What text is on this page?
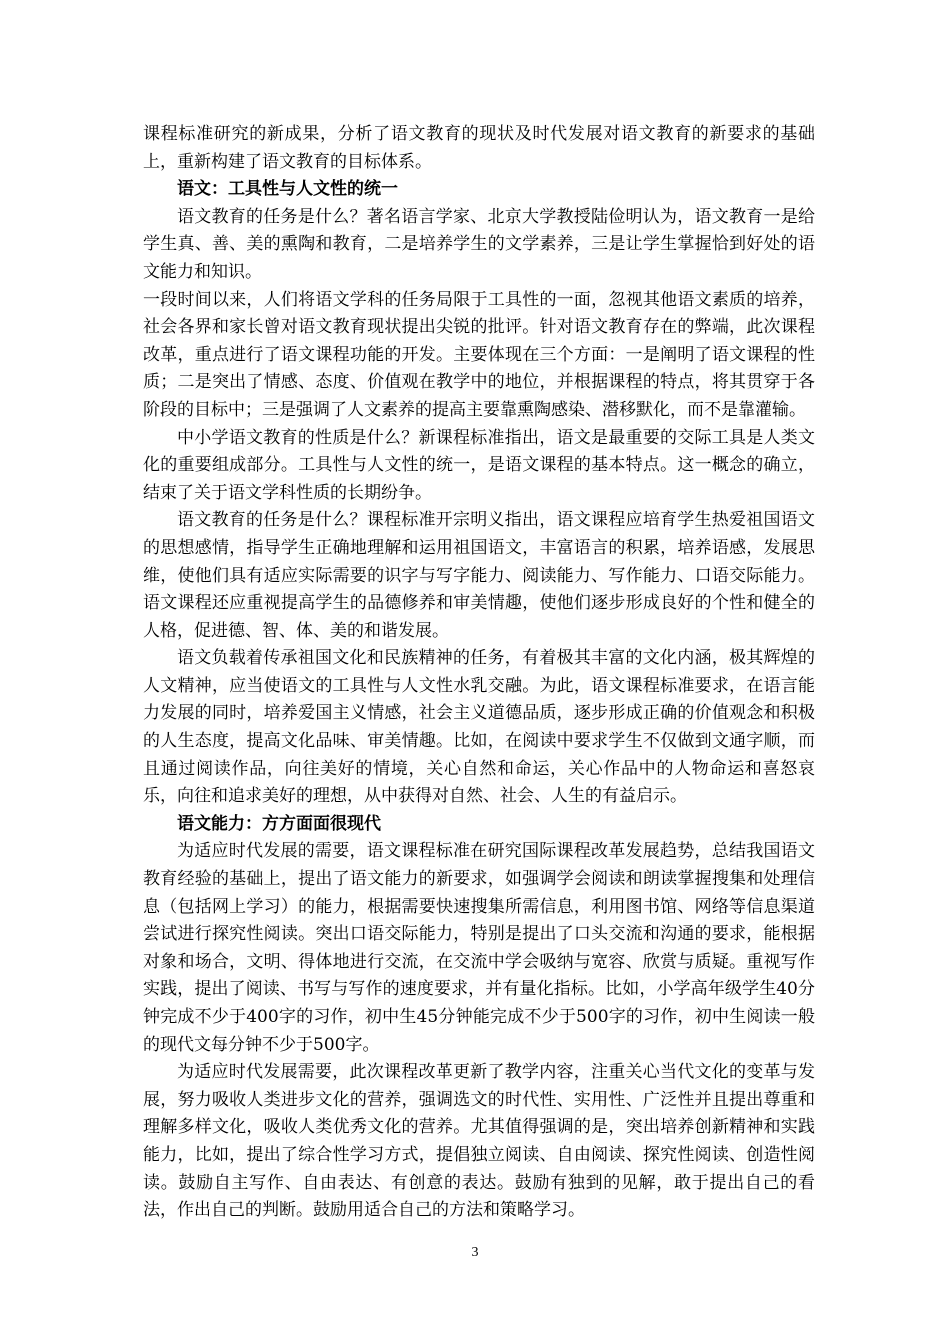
课程标准研究的新成果，分析了语文教育的现状及时代发展对语文教育的新要求的基础上，重新构建了语文教育的目标体系。

语文：工具性与人文性的统一

语文教育的任务是什么？著名语言学家、北京大学教授陆俭明认为，语文教育一是给学生真、善、美的熏陶和教育，二是培养学生的文学素养，三是让学生掌握恰到好处的语文能力和知识。

一段时间以来，人们将语文学科的任务局限于工具性的一面，忽视其他语文素质的培养，社会各界和家长曾对语文教育现状提出尖锐的批评。针对语文教育存在的弊端，此次课程改革，重点进行了语文课程功能的开发。主要体现在三个方面：一是阐明了语文课程的性质；二是突出了情感、态度、价值观在教学中的地位，并根据课程的特点，将其贯穿于各阶段的目标中；三是强调了人文素养的提高主要靠熏陶感染、潜移默化，而不是靠灌输。

中小学语文教育的性质是什么？新课程标准指出，语文是最重要的交际工具是人类文化的重要组成部分。工具性与人文性的统一，是语文课程的基本特点。这一概念的确立，结束了关于语文学科性质的长期纷争。

语文教育的任务是什么？课程标准开宗明义指出，语文课程应培育学生热爱祖国语文的思想感情，指导学生正确地理解和运用祖国语文，丰富语言的积累，培养语感，发展思维，使他们具有适应实际需要的识字与写字能力、阅读能力、写作能力、口语交际能力。语文课程还应重视提高学生的品德修养和审美情趣，使他们逐步形成良好的个性和健全的人格，促进德、智、体、美的和谐发展。

语文负载着传承祖国文化和民族精神的任务，有着极其丰富的文化内涵，极其辉煌的人文精神，应当使语文的工具性与人文性水乳交融。为此，语文课程标准要求，在语言能力发展的同时，培养爱国主义情感，社会主义道德品质，逐步形成正确的价值观念和积极的人生态度，提高文化品味、审美情趣。比如，在阅读中要求学生不仅做到文通字顺，而且通过阅读作品，向往美好的情境，关心自然和命运，关心作品中的人物命运和喜怒哀乐，向往和追求美好的理想，从中获得对自然、社会、人生的有益启示。

语文能力：方方面面很现代

为适应时代发展的需要，语文课程标准在研究国际课程改革发展趋势，总结我国语文教育经验的基础上，提出了语文能力的新要求，如强调学会阅读和朗读掌握搜集和处理信息（包括网上学习）的能力，根据需要快速搜集所需信息，利用图书馆、网络等信息渠道尝试进行探究性阅读。突出口语交际能力，特别是提出了口头交流和沟通的要求，能根据对象和场合，文明、得体地进行交流，在交流中学会吸纳与宽容、欣赏与质疑。重视写作实践，提出了阅读、书写与写作的速度要求，并有量化指标。比如，小学高年级学生40分钟完成不少于400字的习作，初中生45分钟能完成不少于500字的习作，初中生阅读一般的现代文每分钟不少于500字。

为适应时代发展需要，此次课程改革更新了教学内容，注重关心当代文化的变革与发展，努力吸收人类进步文化的营养，强调选文的时代性、实用性、广泛性并且提出尊重和理解多样文化，吸收人类优秀文化的营养。尤其值得强调的是，突出培养创新精神和实践能力，比如，提出了综合性学习方式，提倡独立阅读、自由阅读、探究性阅读、创造性阅读。鼓励自主写作、自由表达、有创意的表达。鼓励有独到的见解，敢于提出自己的看法，作出自己的判断。鼓励用适合自己的方法和策略学习。

3
